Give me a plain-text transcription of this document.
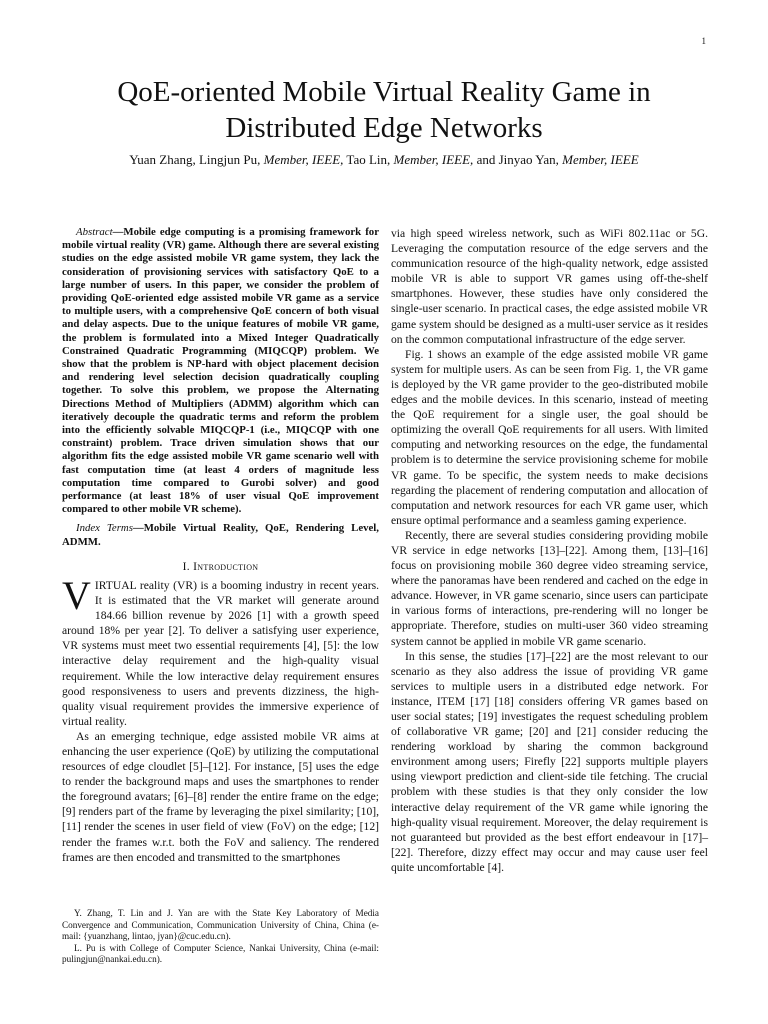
1
QoE-oriented Mobile Virtual Reality Game in
Distributed Edge Networks
Yuan Zhang, Lingjun Pu, Member, IEEE, Tao Lin, Member, IEEE, and Jinyao Yan, Member, IEEE

Abstract—Mobile edge computing is a promising framework for mobile virtual reality (VR) game. Although there are several existing studies on the edge assisted mobile VR game system, they lack the consideration of provisioning services with satisfactory QoE to a large number of users. In this paper, we consider the problem of providing QoE-oriented edge assisted mobile VR game as a service to multiple users, with a comprehensive QoE concern of both visual and delay aspects. Due to the unique features of mobile VR game, the problem is formulated into a Mixed Integer Quadratically Constrained Quadratic Programming (MIQCQP) problem. We show that the problem is NP-hard with object placement decision and rendering level selection decision quadratically coupling together. To solve this problem, we propose the Alternating Directions Method of Multipliers (ADMM) algorithm which can iteratively decouple the quadratic terms and reform the problem into the efficiently solvable MIQCQP-1 (i.e., MIQCQP with one constraint) problem. Trace driven simulation shows that our algorithm fits the edge assisted mobile VR game scenario well with fast computation time (at least 4 orders of magnitude less computation time compared to Gurobi solver) and good performance (at least 18% of user visual QoE improvement compared to other mobile VR scheme).

Index Terms—Mobile Virtual Reality, QoE, Rendering Level, ADMM.

I. Introduction

VIRTUAL reality (VR) is a booming industry in recent years. It is estimated that the VR market will generate around 184.66 billion revenue by 2026 [1] with a growth speed around 18% per year [2]. To deliver a satisfying user experience, VR systems must meet two essential requirements [4], [5]: the low interactive delay requirement and the high-quality visual requirement. While the low interactive delay requirement ensures good responsiveness to users and prevents dizziness, the high-quality visual requirement provides the immersive experience of virtual reality.

As an emerging technique, edge assisted mobile VR aims at enhancing the user experience (QoE) by utilizing the computational resources of edge cloudlet [5]–[12]. For instance, [5] uses the edge to render the background maps and uses the smartphones to render the foreground avatars; [6]–[8] render the entire frame on the edge; [9] renders part of the frame by leveraging the pixel similarity; [10], [11] render the scenes in user field of view (FoV) on the edge; [12] render the frames w.r.t. both the FoV and saliency. The rendered frames are then encoded and transmitted to the smartphones

Y. Zhang, T. Lin and J. Yan are with the State Key Laboratory of Media Convergence and Communication, Communication University of China, China (e-mail: {yuanzhang, lintao, jyan}@cuc.edu.cn).

L. Pu is with College of Computer Science, Nankai University, China (e-mail: pulingjun@nankai.edu.cn).

via high speed wireless network, such as WiFi 802.11ac or 5G. Leveraging the computation resource of the edge servers and the communication resource of the high-quality network, edge assisted mobile VR is able to support VR games using off-the-shelf smartphones. However, these studies have only considered the single-user scenario. In practical cases, the edge assisted mobile VR game system should be designed as a multi-user service as it resides on the common computational infrastructure of the edge server.

Fig. 1 shows an example of the edge assisted mobile VR game system for multiple users. As can be seen from Fig. 1, the VR game is deployed by the VR game provider to the geo-distributed mobile edges and the mobile devices. In this scenario, instead of meeting the QoE requirement for a single user, the goal should be optimizing the overall QoE requirements for all users. With limited computing and networking resources on the edge, the fundamental problem is to determine the service provisioning scheme for mobile VR game. To be specific, the system needs to make decisions regarding the placement of rendering computation and allocation of computation and network resources for each VR game user, which ensure optimal performance and a seamless gaming experience.

Recently, there are several studies considering providing mobile VR service in edge networks [13]–[22]. Among them, [13]–[16] focus on provisioning mobile 360 degree video streaming service, where the panoramas have been rendered and cached on the edge in advance. However, in VR game scenario, since users can participate in various forms of interactions, pre-rendering will no longer be appropriate. Therefore, studies on multi-user 360 video streaming system cannot be applied in mobile VR game scenario.

In this sense, the studies [17]–[22] are the most relevant to our scenario as they also address the issue of providing VR game services to multiple users in a distributed edge network. For instance, ITEM [17] [18] considers offering VR games based on user social states; [19] investigates the request scheduling problem of collaborative VR game; [20] and [21] consider reducing the rendering workload by sharing the common background environment among users; Firefly [22] supports multiple players using viewport prediction and client-side tile fetching. The crucial problem with these studies is that they only consider the low interactive delay requirement of the VR game while ignoring the high-quality visual requirement. Moreover, the delay requirement is not guaranteed but provided as the best effort endeavour in [17]–[22]. Therefore, dizzy effect may occur and may cause user feel quite uncomfortable [4].
